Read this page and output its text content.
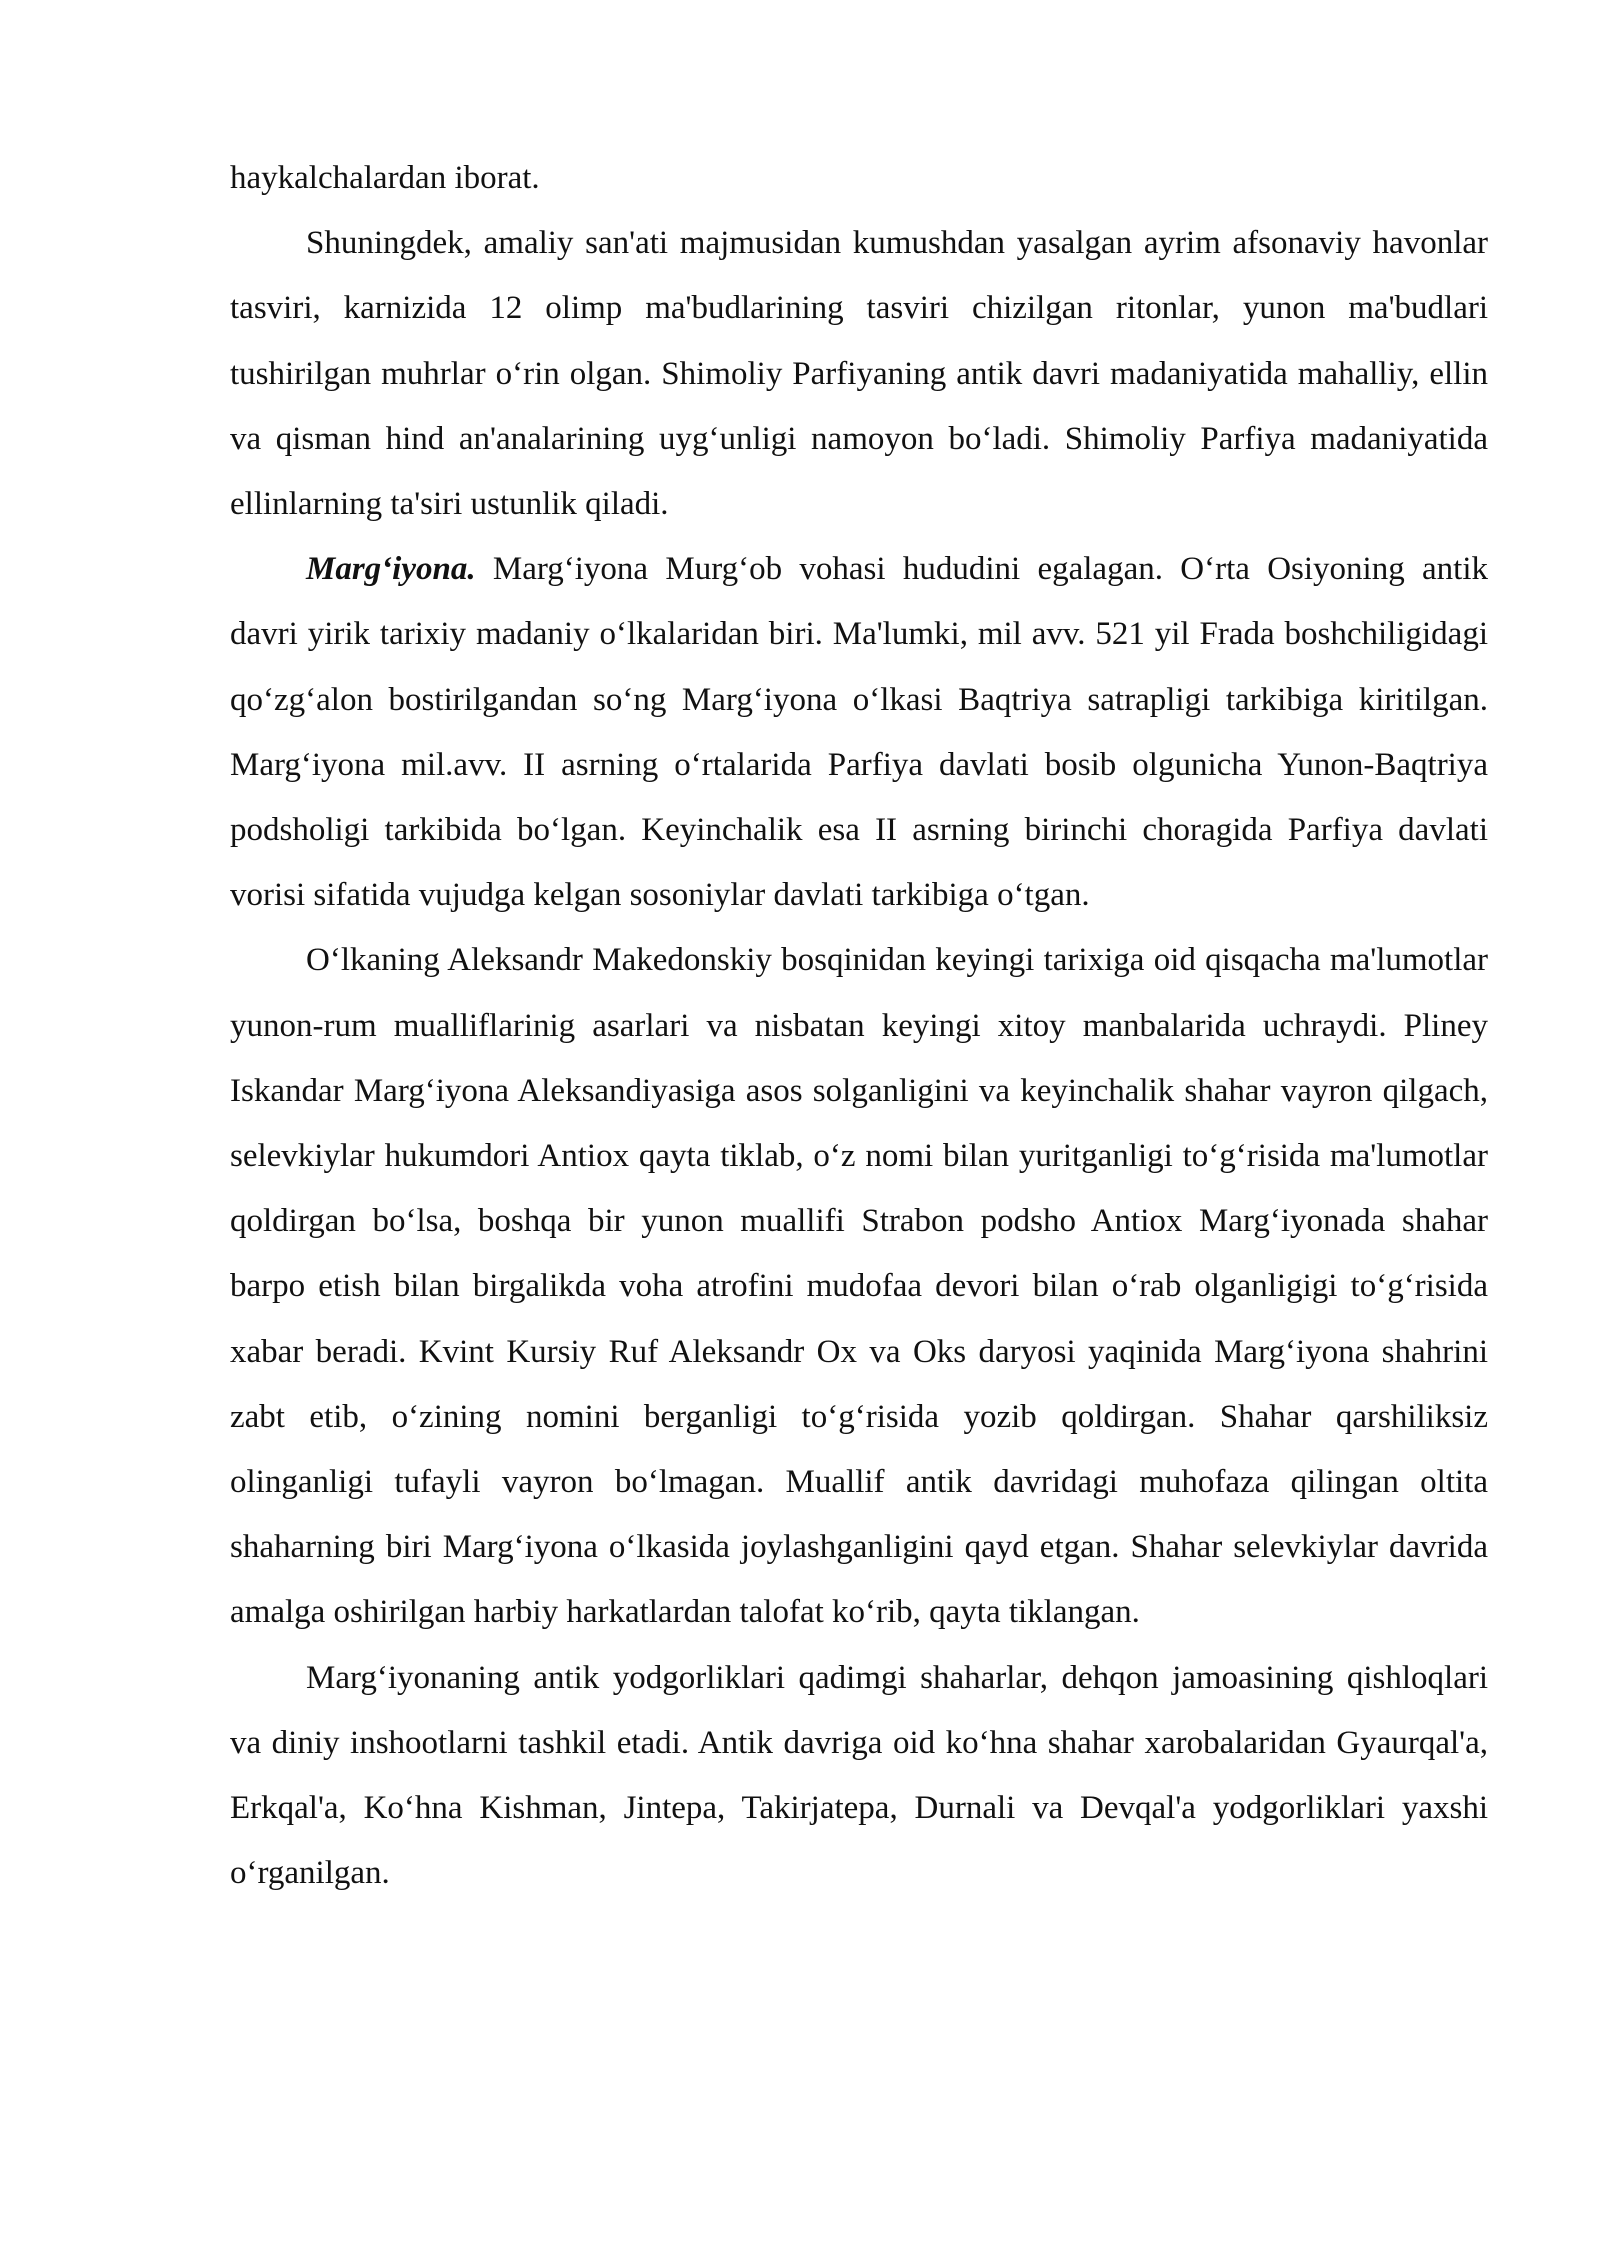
haykalchalardan iborat.

Shuningdek, amaliy san'ati majmusidan kumushdan yasalgan ayrim afsonaviy havonlar tasviri, karnizida 12 olimp ma'budlarining tasviri chizilgan ritonlar, yunon ma'budlari tushirilgan muhrlar o‘rin olgan. Shimoliy Parfiyaning antik davri madaniyatida mahalliy, ellin va qisman hind an'analarining uyg‘unligi namoyon bo‘ladi. Shimoliy Parfiya madaniyatida ellinlarning ta'siri ustunlik qiladi.

Marg‘iyona. Marg‘iyona Murg‘ob vohasi hududini egalagan. O‘rta Osiyoning antik davri yirik tarixiy madaniy o‘lkalaridan biri. Ma'lumki, mil avv. 521 yil Frada boshchiligidagi qo‘zg‘alon bostirilgandan so‘ng Marg‘iyona o‘lkasi Baqtriya satrapligi tarkibiga kiritilgan. Marg‘iyona mil.avv. II asrning o‘rtalarida Parfiya davlati bosib olgunicha Yunon-Baqtriya podsholigi tarkibida bo‘lgan. Keyinchalik esa II asrning birinchi choragida Parfiya davlati vorisi sifatida vujudga kelgan sosoniylar davlati tarkibiga o‘tgan.

O‘lkaning Aleksandr Makedonskiy bosqinidan keyingi tarixiga oid qisqacha ma'lumotlar yunon-rum mualliflarinig asarlari va nisbatan keyingi xitoy manbalarida uchraydi. Pliney Iskandar Marg‘iyona Aleksandiyasiga asos solganligini va keyinchalik shahar vayron qilgach, selevkiylar hukumdori Antiox qayta tiklab, o‘z nomi bilan yuritganligi to‘g‘risida ma'lumotlar qoldirgan bo‘lsa, boshqa bir yunon muallifi Strabon podsho Antiox Marg‘iyonada shahar barpo etish bilan birgalikda voha atrofini mudofaa devori bilan o‘rab olganligigi to‘g‘risida xabar beradi. Kvint Kursiy Ruf Aleksandr Ox va Oks daryosi yaqinida Marg‘iyona shahrini zabt etib, o‘zining nomini berganligi to‘g‘risida yozib qoldirgan. Shahar qarshiliksiz olinganligi tufayli vayron bo‘lmagan. Muallif antik davridagi muhofaza qilingan oltita shaharning biri Marg‘iyona o‘lkasida joylashganligini qayd etgan. Shahar selevkiylar davrida amalga oshirilgan harbiy harkatlardan talofat ko‘rib, qayta tiklangan.

Marg‘iyonaning antik yodgorliklari qadimgi shaharlar, dehqon jamoasining qishloqlari va diniy inshootlarni tashkil etadi. Antik davriga oid ko‘hna shahar xarobalaridan Gyaurqal'a, Erkqal'a, Ko‘hna Kishman, Jintepa, Takirjatepa, Durnali va Devqal'a yodgorliklari yaxshi o‘rganilgan.
